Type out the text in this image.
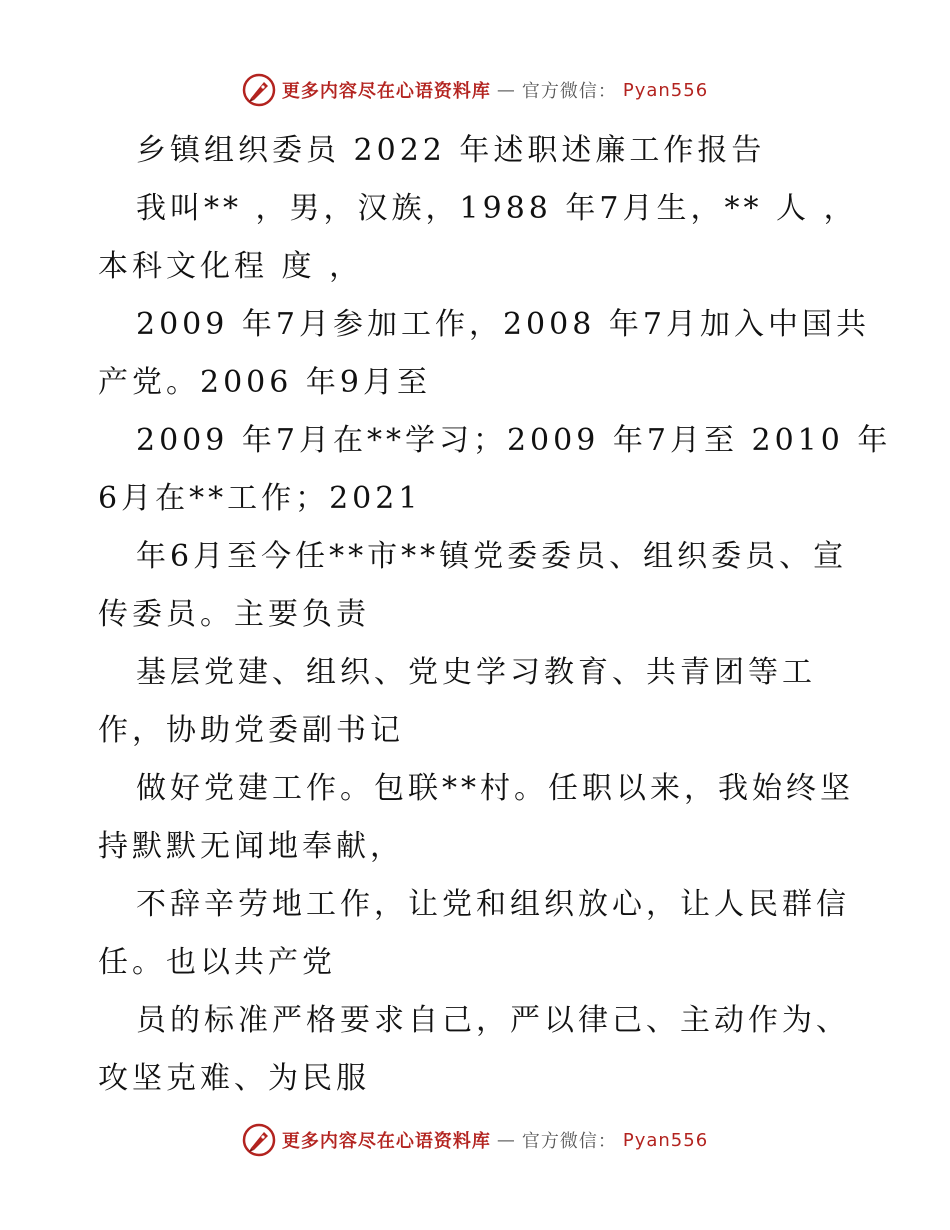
更多内容尽在心语资料库 — 官方微信： Pyan556
乡镇组织委员 2022 年述职述廉工作报告
我叫** ，男，汉族，1988 年7月生，** 人 ，
本科文化程 度 ，
2009 年7月参加工作，2008 年7月加入中国共
产党。2006 年9月至
2009 年7月在**学习；2009 年7月至 2010 年
6月在**工作；2021
年6月至今任**市**镇党委委员、组织委员、宣
传委员。主要负责
基层党建、组织、党史学习教育、共青团等工
作，协助党委副书记
做好党建工作。包联**村。任职以来，我始终坚
持默默无闻地奉献，
不辞辛劳地工作，让党和组织放心，让人民群信
任。也以共产党
员的标准严格要求自己，严以律己、主动作为、
攻坚克难、为民服
更多内容尽在心语资料库 — 官方微信： Pyan556
